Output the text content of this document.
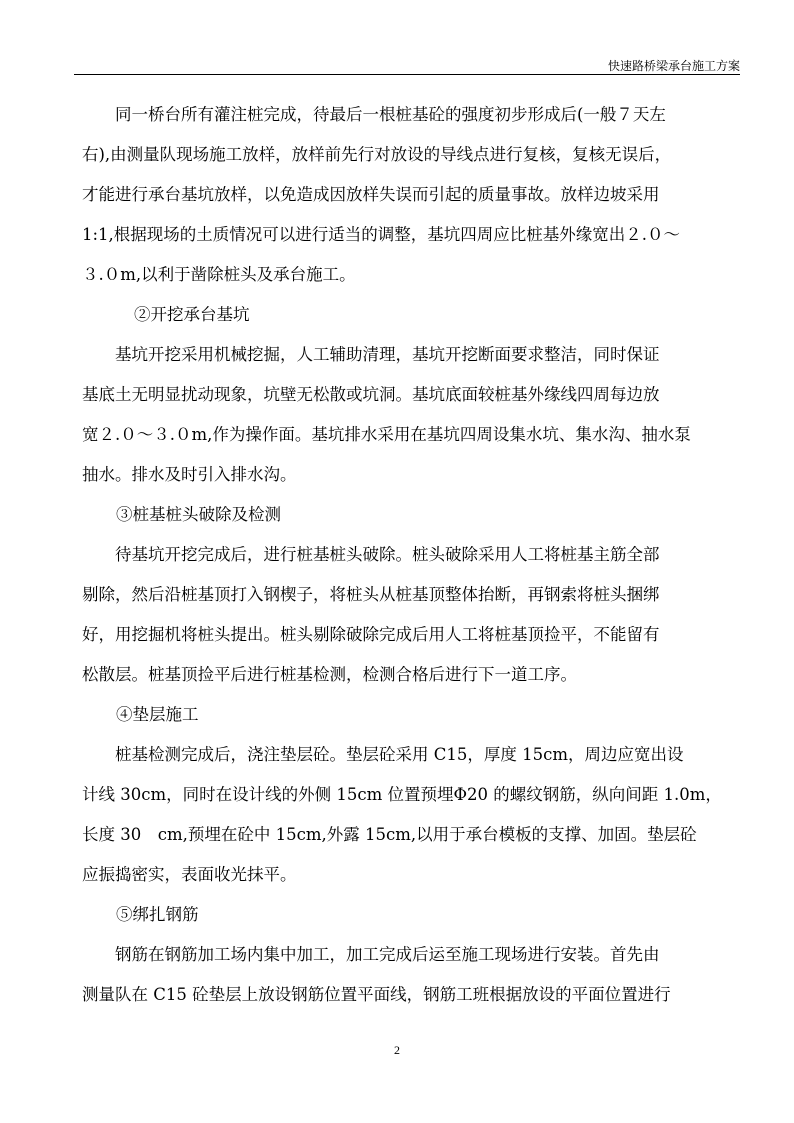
快速路桥梁承台施工方案
　　同一桥台所有灌注桩完成，待最后一根桩基砼的强度初步形成后(一般７天左
右),由测量队现场施工放样，放样前先行对放设的导线点进行复核，复核无误后，
才能进行承台基坑放样，以免造成因放样失误而引起的质量事故。放样边坡采用
1:1,根据现场的土质情况可以进行适当的调整，基坑四周应比桩基外缘宽出２.０～
３.０m,以利于凿除桩头及承台施工。
②开挖承台基坑
　　基坑开挖采用机械挖掘，人工辅助清理，基坑开挖断面要求整洁，同时保证
基底土无明显扰动现象，坑壁无松散或坑洞。基坑底面较桩基外缘线四周每边放
宽２.０～３.０m,作为操作面。基坑排水采用在基坑四周设集水坑、集水沟、抽水泵
抽水。排水及时引入排水沟。
③桩基桩头破除及检测
　　待基坑开挖完成后，进行桩基桩头破除。桩头破除采用人工将桩基主筋全部
剔除，然后沿桩基顶打入钢楔子，将桩头从桩基顶整体抬断，再钢索将桩头捆绑
好，用挖掘机将桩头提出。桩头剔除破除完成后用人工将桩基顶捡平，不能留有
松散层。桩基顶捡平后进行桩基检测，检测合格后进行下一道工序。
④垫层施工
　　桩基检测完成后，浇注垫层砼。垫层砼采用 C15，厚度 15cm，周边应宽出设
计线 30cm，同时在设计线的外侧 15cm 位置预埋Φ20 的螺纹钢筋，纵向间距 1.0m，
长度 30　cm,预埋在砼中 15cm,外露 15cm,以用于承台模板的支撑、加固。垫层砼
应振捣密实，表面收光抹平。
⑤绑扎钢筋
　　钢筋在钢筋加工场内集中加工，加工完成后运至施工现场进行安装。首先由
测量队在 C15 砼垫层上放设钢筋位置平面线，钢筋工班根据放设的平面位置进行
2
